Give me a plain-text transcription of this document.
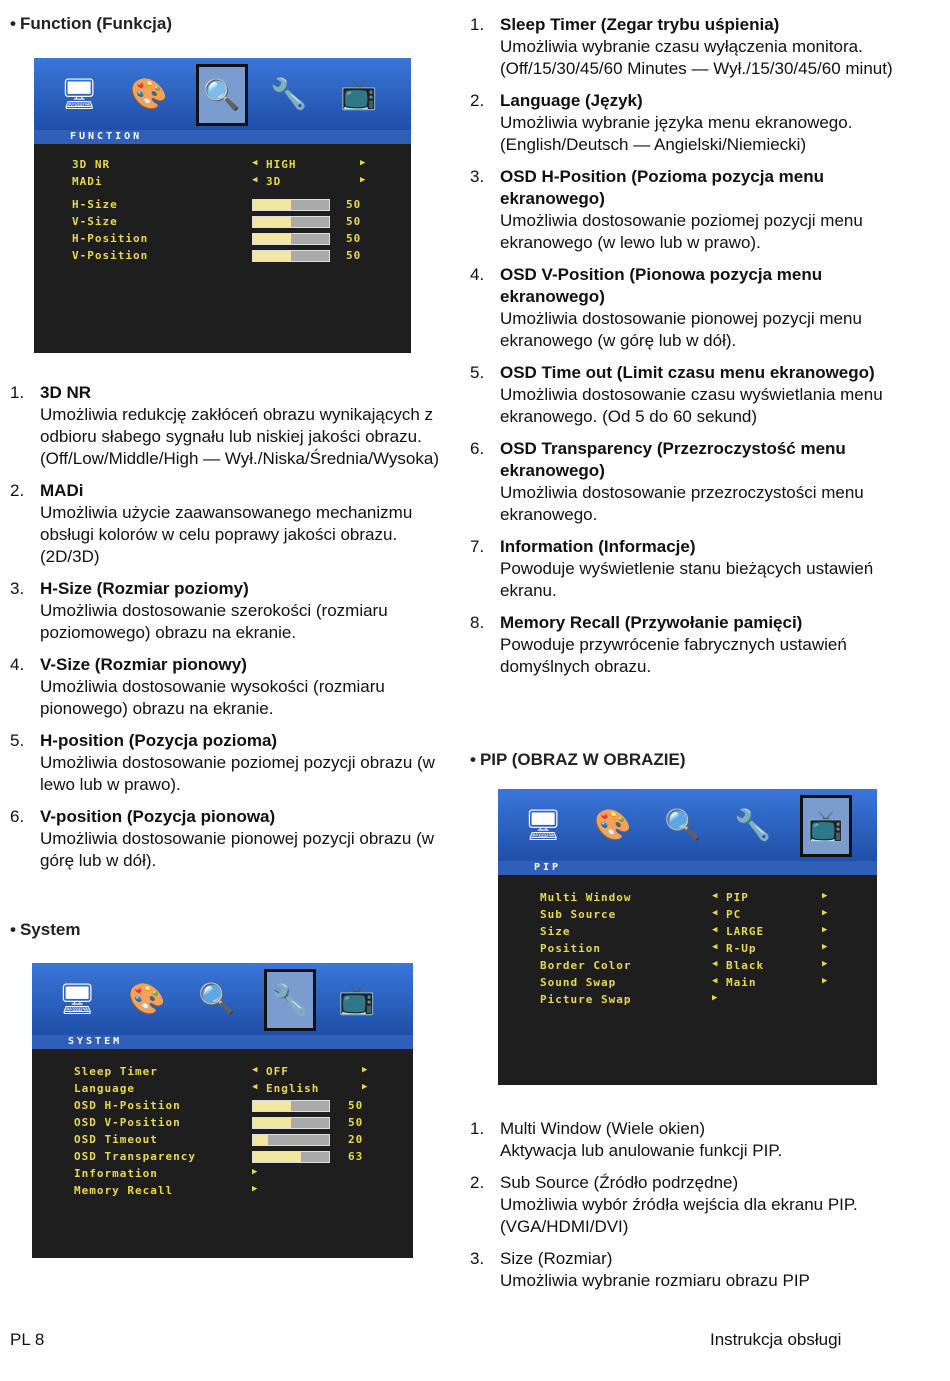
• Function (Funkcja)
🖥 🎨 🔍 🔧 📺
FUNCTION
3D NR	◀ HIGH	▶
MADi	◀ 3D	▶
H-Size	50
V-Size	50
H-Position	50
V-Position	50
1. 3D NR
Umożliwia redukcję zakłóceń obrazu wynikających z odbioru słabego sygnału lub niskiej jakości obrazu. (Off/Low/Middle/High — Wył./Niska/Średnia/Wysoka)
2. MADi
Umożliwia użycie zaawansowanego mechanizmu obsługi kolorów w celu poprawy jakości obrazu. (2D/3D)
3. H-Size (Rozmiar poziomy)
Umożliwia dostosowanie szerokości (rozmiaru poziomowego) obrazu na ekranie.
4. V-Size (Rozmiar pionowy)
Umożliwia dostosowanie wysokości (rozmiaru pionowego) obrazu na ekranie.
5. H-position (Pozycja pozioma)
Umożliwia dostosowanie poziomej pozycji obrazu (w lewo lub w prawo).
6. V-position (Pozycja pionowa)
Umożliwia dostosowanie pionowej pozycji obrazu (w górę lub w dół).
• System
🖥 🎨 🔍 🔧 📺
SYSTEM
Sleep Timer	◀ OFF	▶
Language	◀ English	▶
OSD H-Position	50
OSD V-Position	50
OSD Timeout	20
OSD Transparency	63
Information	▶
Memory Recall	▶
1. Sleep Timer (Zegar trybu uśpienia)
Umożliwia wybranie czasu wyłączenia monitora. (Off/15/30/45/60 Minutes — Wył./15/30/45/60 minut)
2. Language (Język)
Umożliwia wybranie języka menu ekranowego. (English/Deutsch — Angielski/Niemiecki)
3. OSD H-Position (Pozioma pozycja menu ekranowego)
Umożliwia dostosowanie poziomej pozycji menu ekranowego (w lewo lub w prawo).
4. OSD V-Position (Pionowa pozycja menu ekranowego)
Umożliwia dostosowanie pionowej pozycji menu ekranowego (w górę lub w dół).
5. OSD Time out (Limit czasu menu ekranowego)
Umożliwia dostosowanie czasu wyświetlania menu ekranowego. (Od 5 do 60 sekund)
6. OSD Transparency (Przezroczystość menu ekranowego)
Umożliwia dostosowanie przezroczystości menu ekranowego.
7. Information (Informacje)
Powoduje wyświetlenie stanu bieżących ustawień ekranu.
8. Memory Recall (Przywołanie pamięci)
Powoduje przywrócenie fabrycznych ustawień domyślnych obrazu.
• PIP (OBRAZ W OBRAZIE)
🖥 🎨 🔍 🔧 📺
PIP
Multi Window	◀ PIP	▶
Sub Source	◀ PC	▶
Size	◀ LARGE	▶
Position	◀ R-Up	▶
Border Color	◀ Black	▶
Sound Swap	◀ Main	▶
Picture Swap	▶
1. Multi Window (Wiele okien)
Aktywacja lub anulowanie funkcji PIP.
2. Sub Source (Źródło podrzędne)
Umożliwia wybór źródła wejścia dla ekranu PIP. (VGA/HDMI/DVI)
3. Size (Rozmiar)
Umożliwia wybranie rozmiaru obrazu PIP
PL 8	Instrukcja obsługi
